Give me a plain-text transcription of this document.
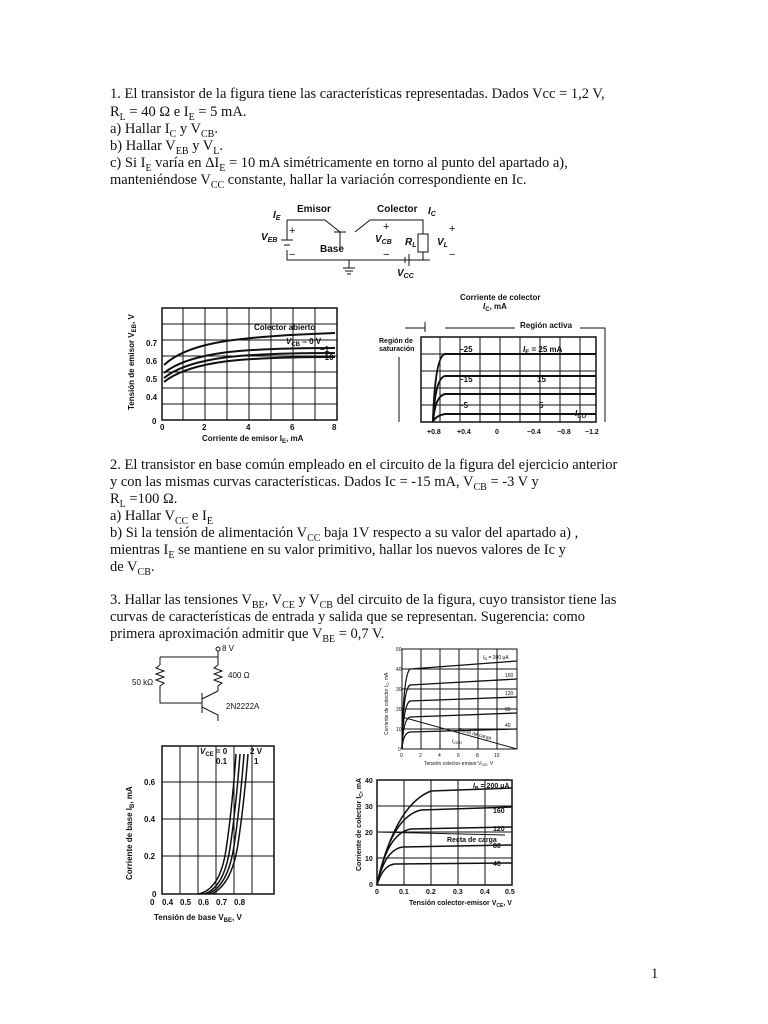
1. El transistor de la figura tiene las características representadas. Dados Vcc = 1,2 V,
$R_L = 40$ Ω e $I_E = 5$ mA.
a) Hallar $I_C$ y $V_{CB}$.
b) Hallar $V_{EB}$ y $V_L$.
c) Si $I_E$ varía en $\Delta I_E = 10$ mA simétricamente en torno al punto del apartado a),
manteniéndose $V_{CC}$ constante, hallar la variación correspondiente en Ic.
Emisor	Colector
Base
$I_E$
$I_C$
$V_{EB}$	$V_{CB}$ $R_L$ $V_L$
$V_{CC}$
+
−
+
−
+
−
Colector abierto
$V_{CB} = 0$ V
−1
−10
0.7
0.6
0.5
0.4
0
0	2	4	6	8
Corriente de emisor $I_E$, mA
Tensión de emisor $V_{EB}$, V
Corriente de colector
$I_C$, mA
Región activa
Región de
saturación	−25
−15
−5
$I_E = 25$ mA
15
5
$I_{CO}$
+0.8 +0.4	0	−0.4 −0.8 −1.2
2. El transistor en base común empleado en el circuito de la figura del ejercicio anterior
y con las mismas curvas características. Dados Ic = -15 mA, $V_{CB} = -3$ V y
$R_L =100$ Ω.
a) Hallar $V_{CC}$ e $I_E$
b) Si la tensión de alimentación $V_{CC}$ baja 1V respecto a su valor del apartado a) ,
mientras $I_E$ se mantiene en su valor primitivo, hallar los nuevos valores de Ic y
de $V_{CB}$.
3. Hallar las tensiones $V_{BE}$, $V_{CE}$ y $V_{CB}$ del circuito de la figura, cuyo transistor tiene las
curvas de características de entrada y salida que se representan. Sugerencia: como
primera aproximación admitir que $V_{BE} = 0,7$ V.
8 V
50 kΩ
400 Ω
2N2222A
$I_B = 200$ μA
160
120
80
40
Recta de carga
$I_{CEO}$
50
40
30
20
10
0
0	2	4	6	8	10
Tensión colector-emisor $V_{CE}$, V
Corriente de colector $I_C$, mA
$V_{CE} = 0$	2 V
0.1	1
0.6
0.4
0.2
0
0 0.4 0.5 0.6 0.7 0.8
Tensión de base $V_{BE}$, V
Corriente de base $I_B$, mA	$I_B = 200$ μA
160
120
80
40
Recta de carga
40
30
20
10
0
0	0.1 0.2 0.3 0.4 0.5
Tensión colector-emisor $V_{CE}$, V
Corriente de colector $I_C$, mA
1
